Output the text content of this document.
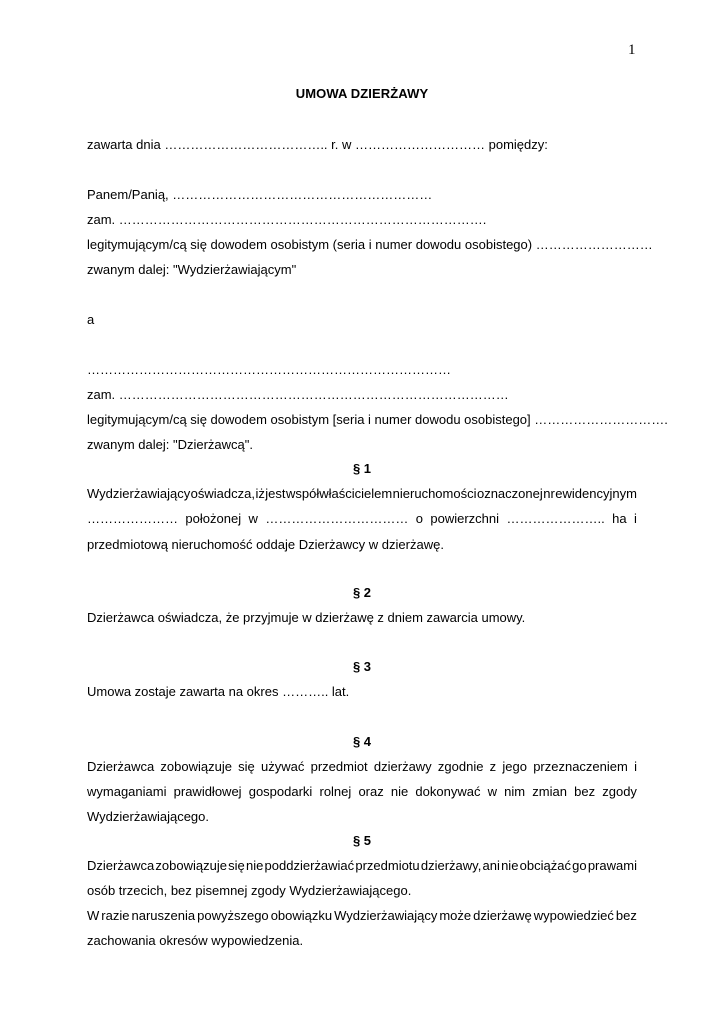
1
UMOWA DZIERŻAWY
zawarta dnia ……………………………….. r. w ………………………… pomiędzy:
Panem/Panią, ……………………………………………………
zam. ………………………………………………………………………….
legitymującym/cą się dowodem osobistym (seria i numer dowodu osobistego) ………………………
zwanym dalej: "Wydzierżawiającym"
a
…………………………………………………………………………
zam. ………………………………………………………………………………
legitymującym/cą się dowodem osobistym [seria i numer dowodu osobistego] ………………………….
zwanym dalej: "Dzierżawcą".
§ 1
Wydzierżawiający oświadcza, iż jest współwłaścicielem nieruchomości oznaczonej nr ewidencyjnym
………………… położonej w …………………………… o powierzchni ………………….. ha i
przedmiotową nieruchomość oddaje Dzierżawcy w dzierżawę.
§ 2
Dzierżawca oświadcza, że przyjmuje w dzierżawę z dniem zawarcia umowy.
§ 3
Umowa zostaje zawarta na okres ……….. lat.
§ 4
Dzierżawca zobowiązuje się używać przedmiot dzierżawy zgodnie z jego przeznaczeniem i
wymaganiami prawidłowej gospodarki rolnej oraz nie dokonywać w nim zmian bez zgody
Wydzierżawiającego.
§ 5
Dzierżawca zobowiązuje się nie poddzierżawiać przedmiotu dzierżawy, ani nie obciążać go prawami
osób trzecich, bez pisemnej zgody Wydzierżawiającego.
W razie naruszenia powyższego obowiązku Wydzierżawiający może dzierżawę wypowiedzieć bez
zachowania okresów wypowiedzenia.
